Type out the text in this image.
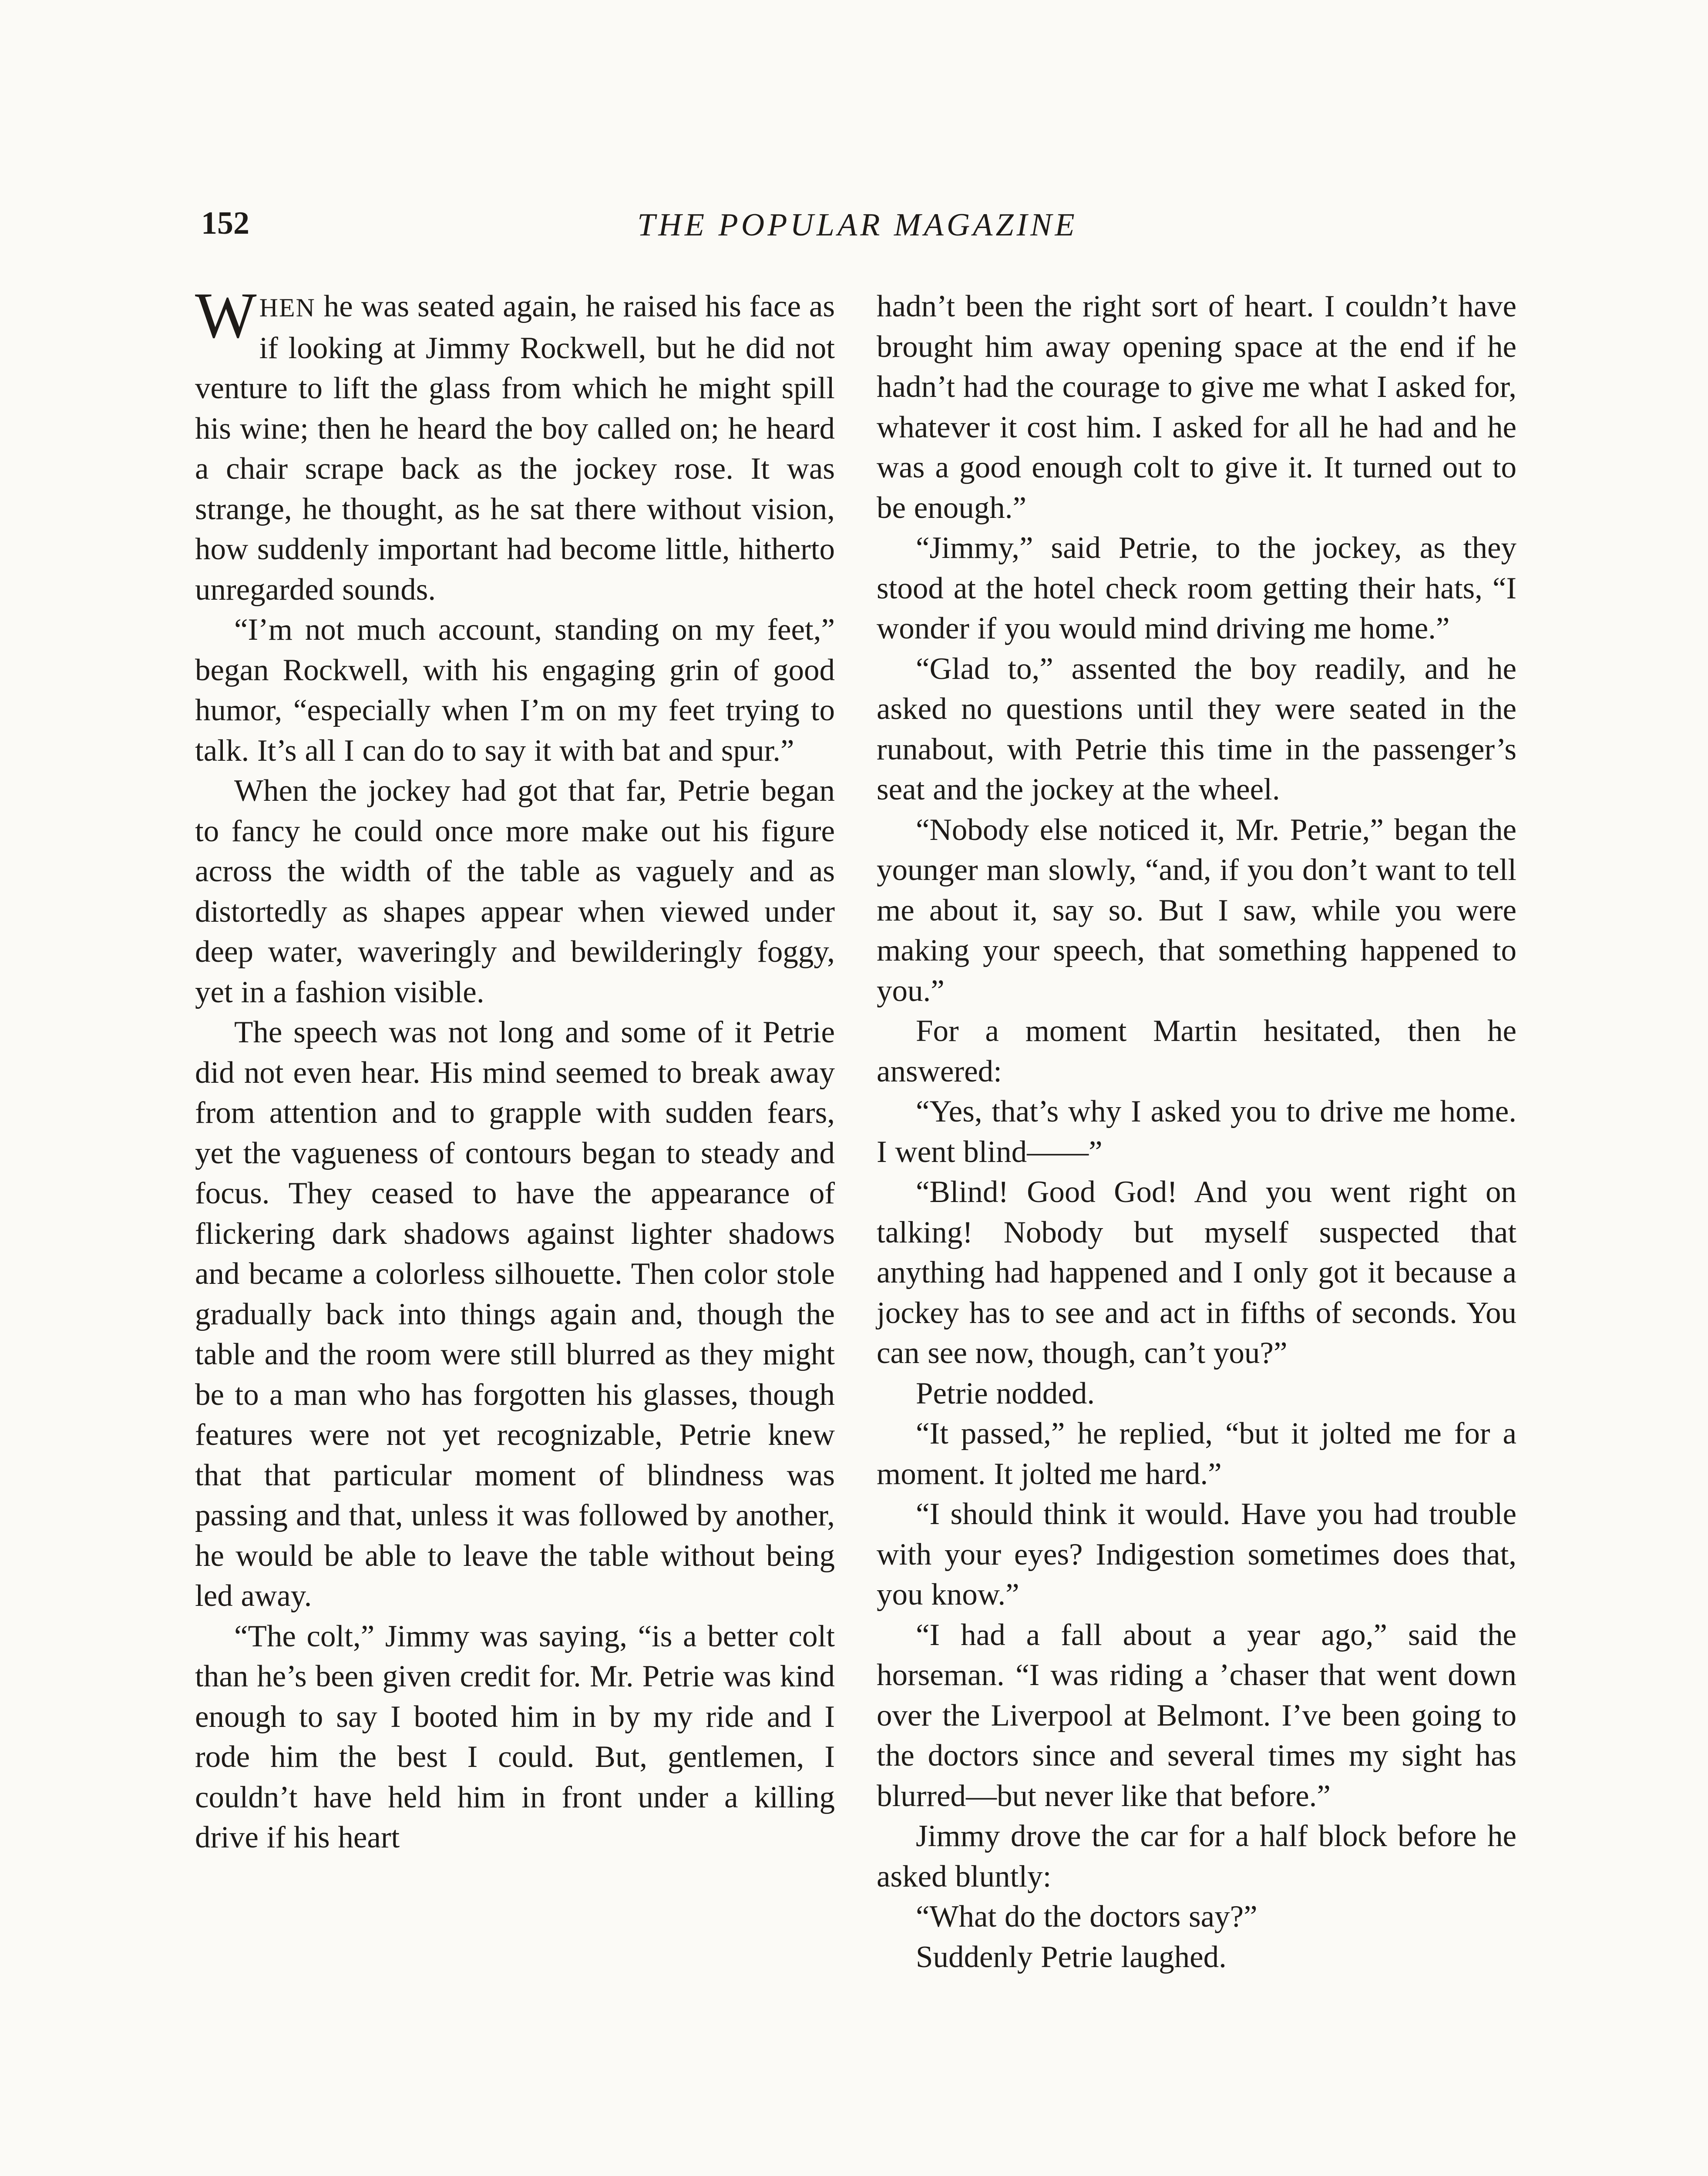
152	THE POPULAR MAGAZINE

WHEN he was seated again, he raised his face as if looking at Jimmy Rockwell, but he did not venture to lift the glass from which he might spill his wine; then he heard the boy called on; he heard a chair scrape back as the jockey rose. It was strange, he thought, as he sat there without vision, how suddenly important had become little, hitherto unregarded sounds.

“I’m not much account, standing on my feet,” began Rockwell, with his engaging grin of good humor, “especially when I’m on my feet trying to talk. It’s all I can do to say it with bat and spur.”

When the jockey had got that far, Petrie began to fancy he could once more make out his figure across the width of the table as vaguely and as distortedly as shapes appear when viewed under deep water, waveringly and bewilderingly foggy, yet in a fashion visible.

The speech was not long and some of it Petrie did not even hear. His mind seemed to break away from attention and to grapple with sudden fears, yet the vagueness of contours began to steady and focus. They ceased to have the appearance of flickering dark shadows against lighter shadows and became a colorless silhouette. Then color stole gradually back into things again and, though the table and the room were still blurred as they might be to a man who has forgotten his glasses, though features were not yet recognizable, Petrie knew that that particular moment of blindness was passing and that, unless it was followed by another, he would be able to leave the table without being led away.

“The colt,” Jimmy was saying, “is a better colt than he’s been given credit for. Mr. Petrie was kind enough to say I booted him in by my ride and I rode him the best I could. But, gentlemen, I couldn’t have held him in front under a killing drive if his heart

hadn’t been the right sort of heart. I couldn’t have brought him away opening space at the end if he hadn’t had the courage to give me what I asked for, whatever it cost him. I asked for all he had and he was a good enough colt to give it. It turned out to be enough.”

“Jimmy,” said Petrie, to the jockey, as they stood at the hotel check room getting their hats, “I wonder if you would mind driving me home.”

“Glad to,” assented the boy readily, and he asked no questions until they were seated in the runabout, with Petrie this time in the passenger’s seat and the jockey at the wheel.

“Nobody else noticed it, Mr. Petrie,” began the younger man slowly, “and, if you don’t want to tell me about it, say so. But I saw, while you were making your speech, that something happened to you.”

For a moment Martin hesitated, then he answered:

“Yes, that’s why I asked you to drive me home. I went blind——”

“Blind! Good God! And you went right on talking! Nobody but myself suspected that anything had happened and I only got it because a jockey has to see and act in fifths of seconds. You can see now, though, can’t you?”

Petrie nodded.

“It passed,” he replied, “but it jolted me for a moment. It jolted me hard.”

“I should think it would. Have you had trouble with your eyes? Indigestion sometimes does that, you know.”

“I had a fall about a year ago,” said the horseman. “I was riding a ’chaser that went down over the Liverpool at Belmont. I’ve been going to the doctors since and several times my sight has blurred—but never like that before.”

Jimmy drove the car for a half block before he asked bluntly:

“What do the doctors say?”

Suddenly Petrie laughed.
